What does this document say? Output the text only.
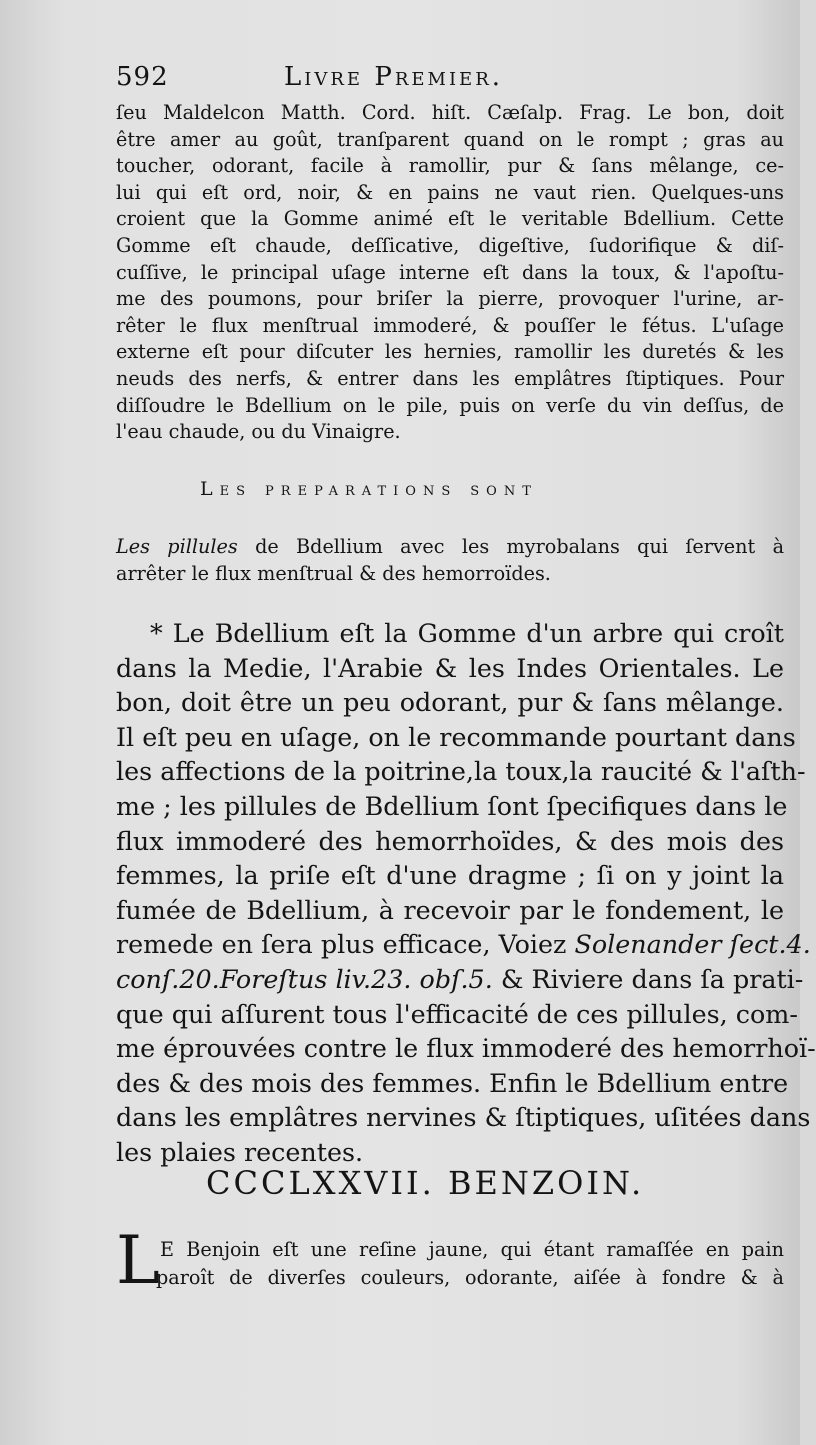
592	Livre Premier.
ſeu Maldelcon Matth. Cord. hiſt. Cæſalp. Frag. Le bon, doit
être amer au goût, tranſparent quand on le rompt ; gras au
toucher, odorant, facile à ramollir, pur & ſans mêlange, ce-
lui qui eſt ord, noir, & en pains ne vaut rien. Quelques-uns
croient que la Gomme animé eſt le veritable Bdellium. Cette
Gomme eſt chaude, deſſicative, digeſtive, ſudorifique & diſ-
cuſſive, le principal uſage interne eſt dans la toux, & l'apoſtu-
me des poumons, pour briſer la pierre, provoquer l'urine, ar-
rêter le flux menſtrual immoderé, & pouſſer le fétus. L'uſage
externe eſt pour diſcuter les hernies, ramollir les duretés & les
neuds des nerfs, & entrer dans les emplâtres ſtiptiques. Pour
diſſoudre le Bdellium on le pile, puis on verſe du vin deſſus, de
l'eau chaude, ou du Vinaigre.
Les preparations sont
Les pillules de Bdellium avec les myrobalans qui ſervent à
arrêter le flux menſtrual & des hemorroïdes.
* Le Bdellium eſt la Gomme d'un arbre qui croît
dans la Medie, l'Arabie & les Indes Orientales. Le
bon, doit être un peu odorant, pur & ſans mêlange.
Il eſt peu en uſage, on le recommande pourtant dans
les affections de la poitrine,la toux,la raucité & l'aſth-
me ; les pillules de Bdellium ſont ſpecifiques dans le
flux immoderé des hemorrhoïdes, & des mois des
femmes, la priſe eſt d'une dragme ; ſi on y joint la
fumée de Bdellium, à recevoir par le fondement, le
remede en ſera plus efficace, Voiez Solenander ſect.4.
conſ.20.Foreſtus liv.23. obſ.5. & Riviere dans ſa prati-
que qui aſſurent tous l'efficacité de ces pillules, com-
me éprouvées contre le flux immoderé des hemorrhoï-
des & des mois des femmes. Enfin le Bdellium entre
dans les emplâtres nervines & ſtiptiques, uſitées dans
les plaies recentes.
CCCLXXVII. BENZOIN.
L E Benjoin eſt une reſine jaune, qui étant ramaſſée en pain
paroît de diverſes couleurs, odorante, aiſée à fondre & à
